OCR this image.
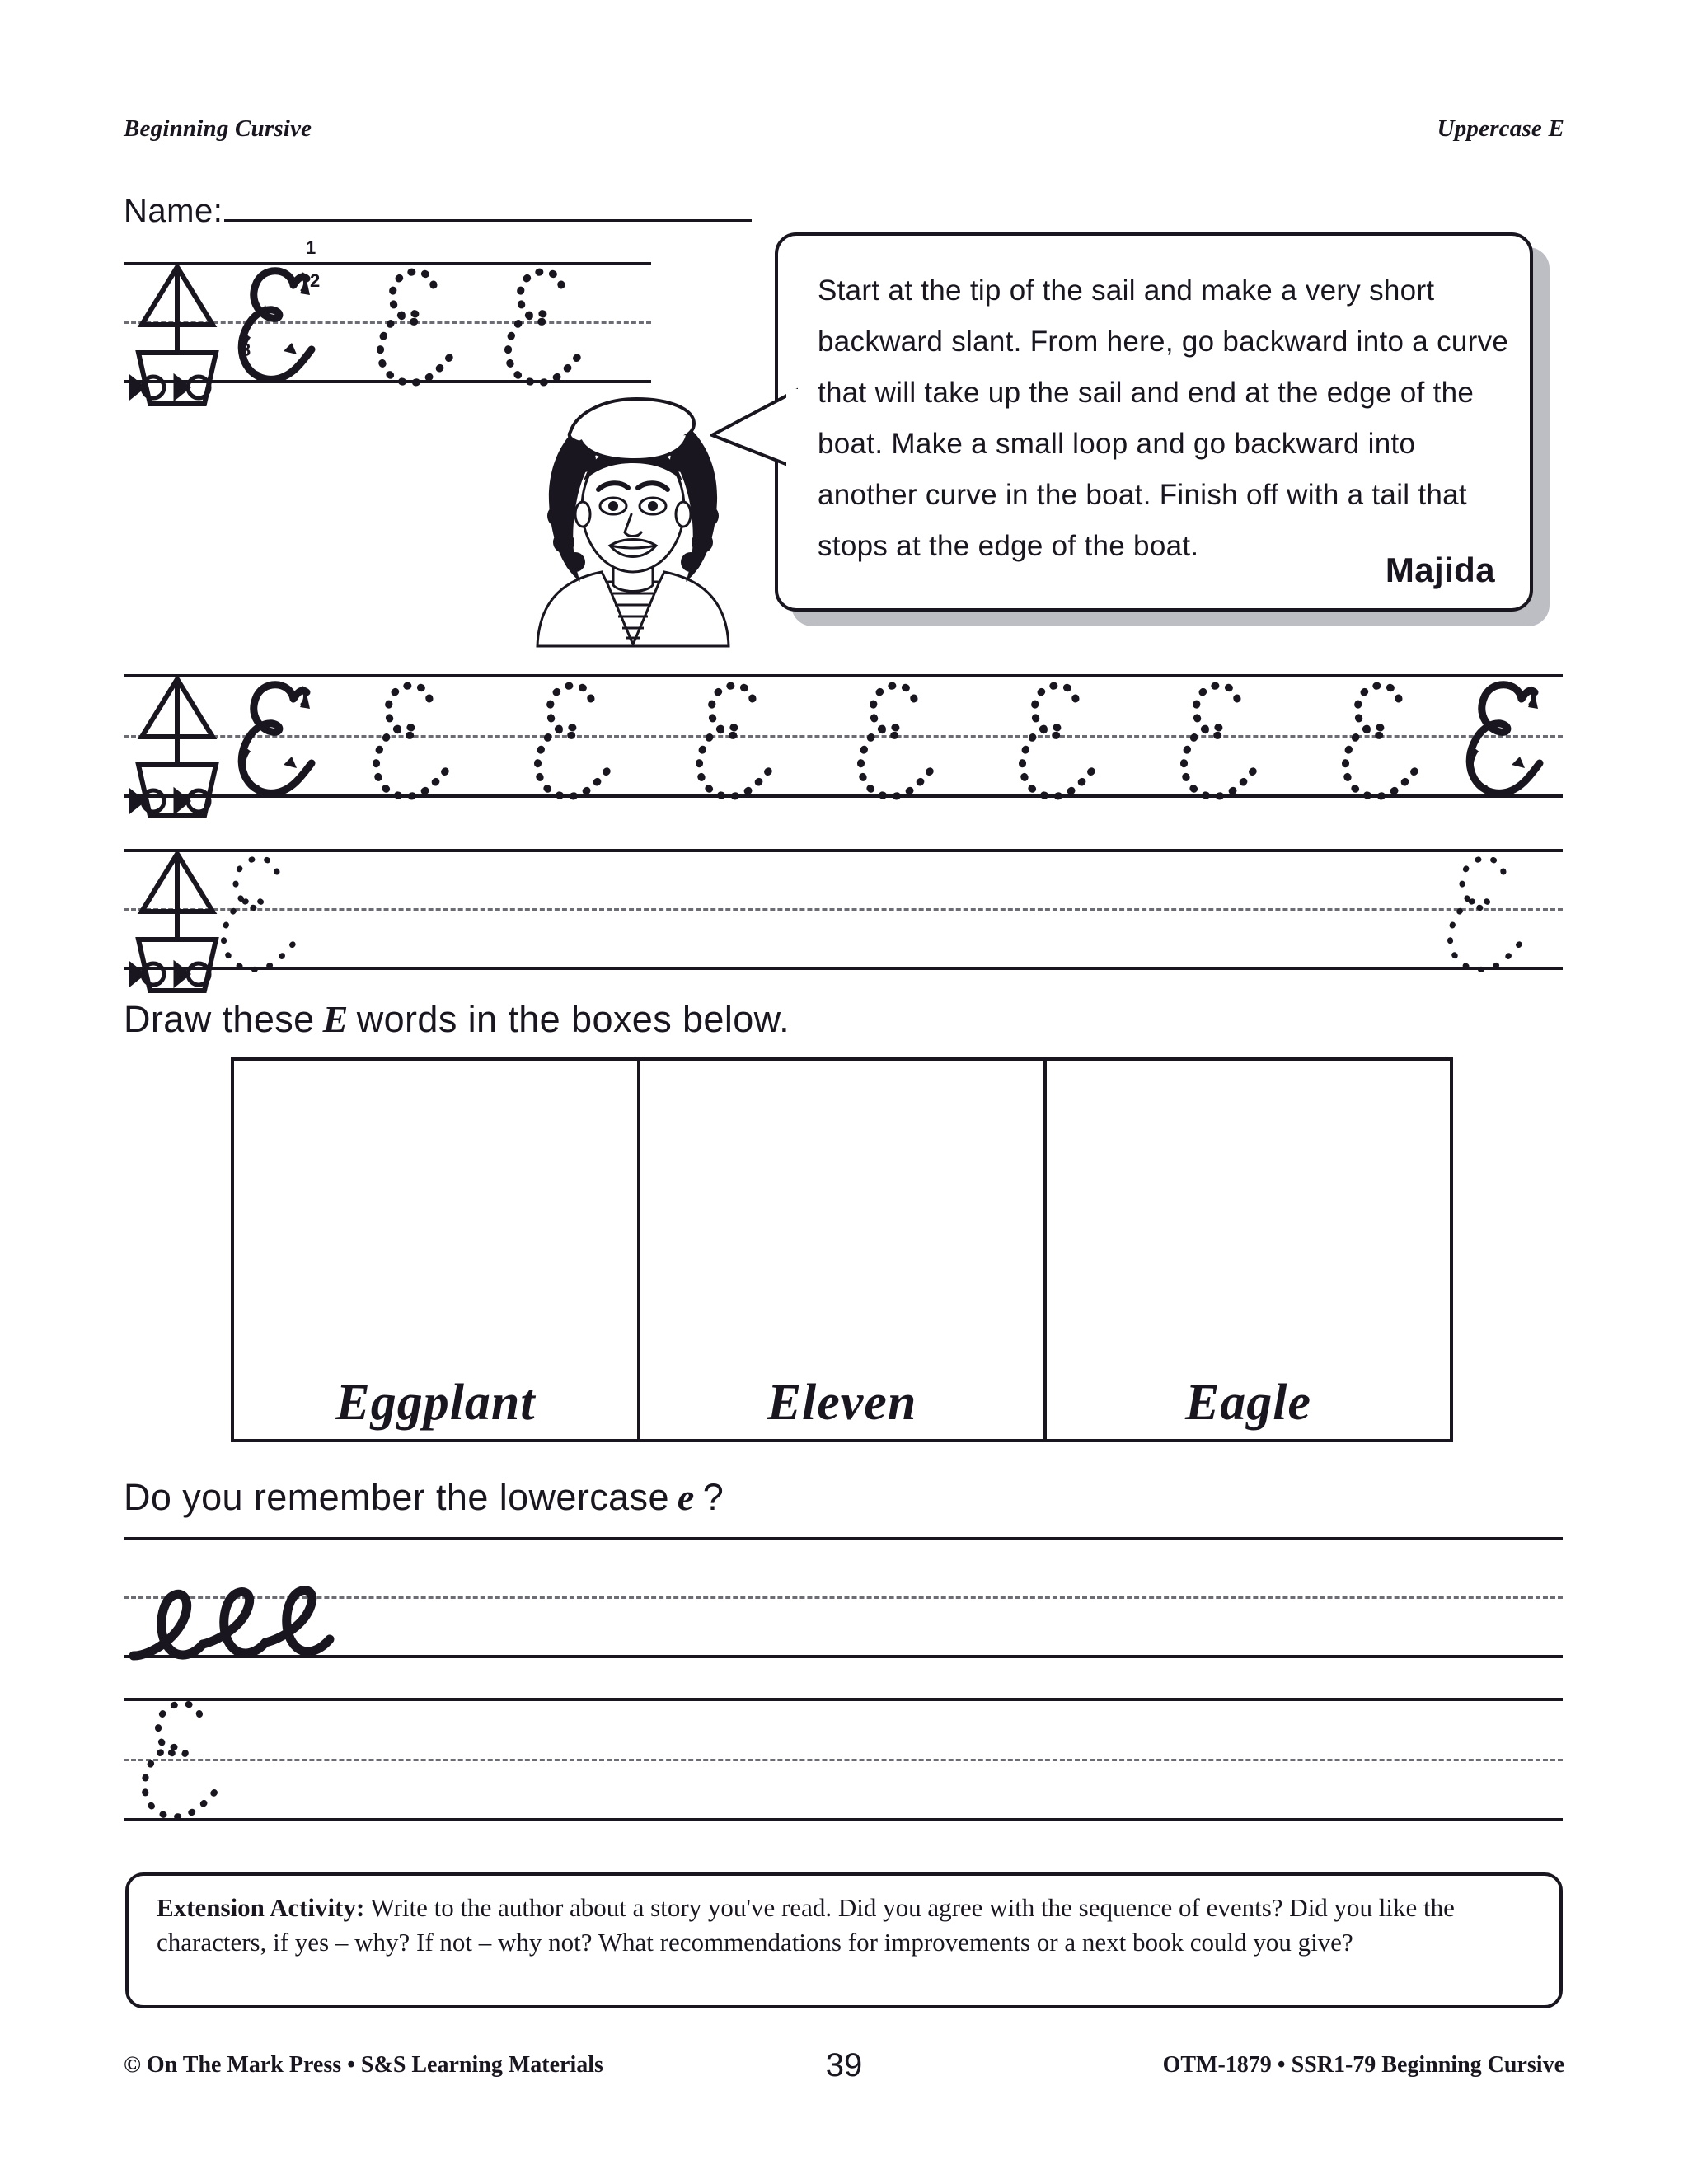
Beginning Cursive	Uppercase E
Name:
1
2
3
Start at the tip of the sail and make a very short backward slant. From here, go backward into a curve that will take up the sail and end at the edge of the boat. Make a small loop and go backward into another curve in the boat. Finish off with a tail that stops at the edge of the boat.
Majida
Draw these E words in the boxes below.
Eggplant	Eleven	Eagle
Do you remember the lowercase e ?
Extension Activity: Write to the author about a story you've read. Did you agree with the sequence of events? Did you like the characters, if yes – why? If not – why not? What recommendations for improvements or a next book could you give?
© On The Mark Press • S&S Learning Materials	39	OTM-1879 • SSR1-79 Beginning Cursive
